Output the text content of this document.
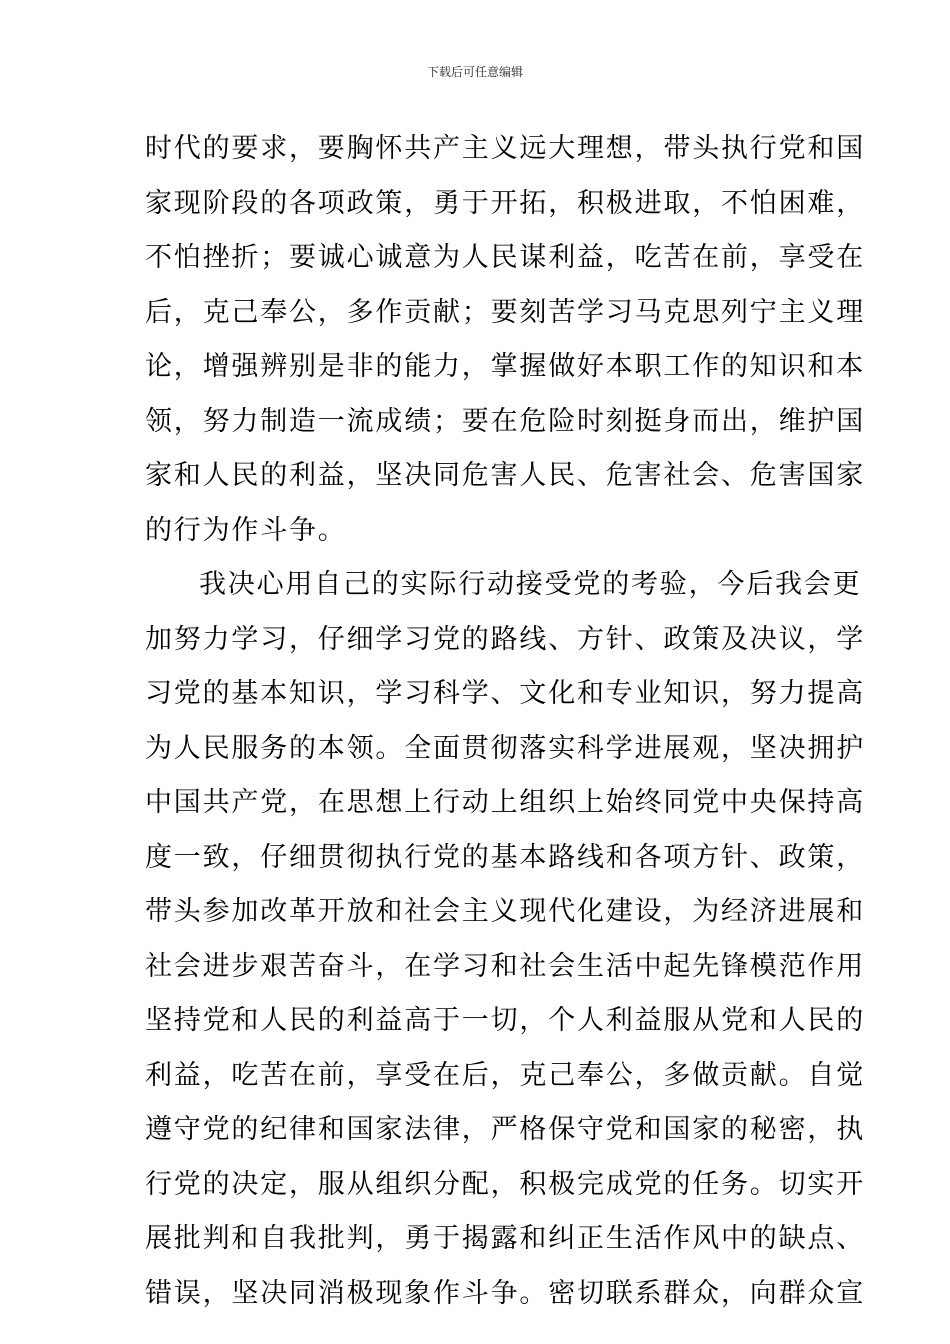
下载后可任意编辑
时代的要求，要胸怀共产主义远大理想，带头执行党和国
家现阶段的各项政策，勇于开拓，积极进取，不怕困难，
不怕挫折；要诚心诚意为人民谋利益，吃苦在前，享受在
后，克己奉公，多作贡献；要刻苦学习马克思列宁主义理
论，增强辨别是非的能力，掌握做好本职工作的知识和本
领，努力制造一流成绩；要在危险时刻挺身而出，维护国
家和人民的利益，坚决同危害人民、危害社会、危害国家
的行为作斗争。
我决心用自己的实际行动接受党的考验，今后我会更
加努力学习，仔细学习党的路线、方针、政策及决议，学
习党的基本知识，学习科学、文化和专业知识，努力提高
为人民服务的本领。全面贯彻落实科学进展观，坚决拥护
中国共产党，在思想上行动上组织上始终同党中央保持高
度一致，仔细贯彻执行党的基本路线和各项方针、政策，
带头参加改革开放和社会主义现代化建设，为经济进展和
社会进步艰苦奋斗，在学习和社会生活中起先锋模范作用
坚持党和人民的利益高于一切，个人利益服从党和人民的
利益，吃苦在前，享受在后，克己奉公，多做贡献。自觉
遵守党的纪律和国家法律，严格保守党和国家的秘密，执
行党的决定，服从组织分配，积极完成党的任务。切实开
展批判和自我批判，勇于揭露和纠正生活作风中的缺点、
错误，坚决同消极现象作斗争。密切联系群众，向群众宣
